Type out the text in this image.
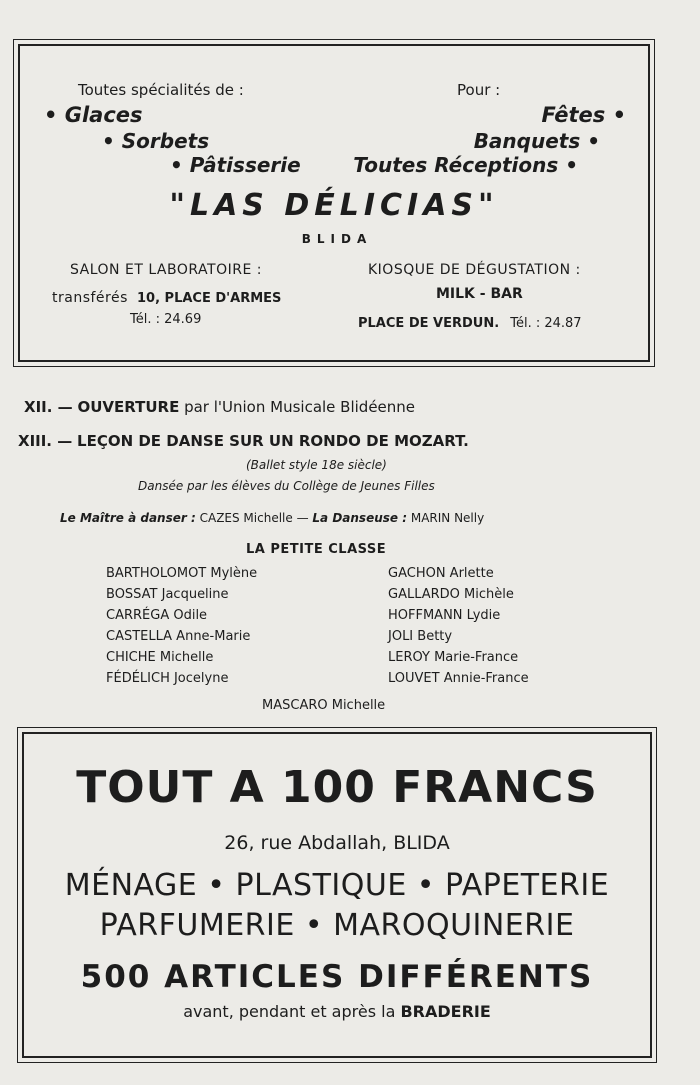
Toutes spécialités de :	Pour :
• Glaces	Fêtes •
• Sorbets	Banquets •
• Pâtisserie	Toutes Réceptions •
"LAS DÉLICIAS"
BLIDA
SALON ET LABORATOIRE :	KIOSQUE DE DÉGUSTATION :
transférés 10, PLACE D'ARMES	MILK - BAR
Tél. : 24.69	PLACE DE VERDUN. Tél. : 24.87
XII. — OUVERTURE par l'Union Musicale Blidéenne
XIII. — LEÇON DE DANSE SUR UN RONDO DE MOZART.
(Ballet style 18e siècle)
Dansée par les élèves du Collège de Jeunes Filles
Le Maître à danser : CAZES Michelle — La Danseuse : MARIN Nelly
LA PETITE CLASSE
BARTHOLOMOT Mylène
BOSSAT Jacqueline
CARRÉGA Odile
CASTELLA Anne-Marie
CHICHE Michelle
FÉDÉLICH Jocelyne
GACHON Arlette
GALLARDO Michèle
HOFFMANN Lydie
JOLI Betty
LEROY Marie-France
LOUVET Annie-France
MASCARO Michelle
TOUT A 100 FRANCS
26, rue Abdallah, BLIDA
MÉNAGE • PLASTIQUE • PAPETERIE
PARFUMERIE • MAROQUINERIE
500 ARTICLES DIFFÉRENTS
avant, pendant et après la BRADERIE
